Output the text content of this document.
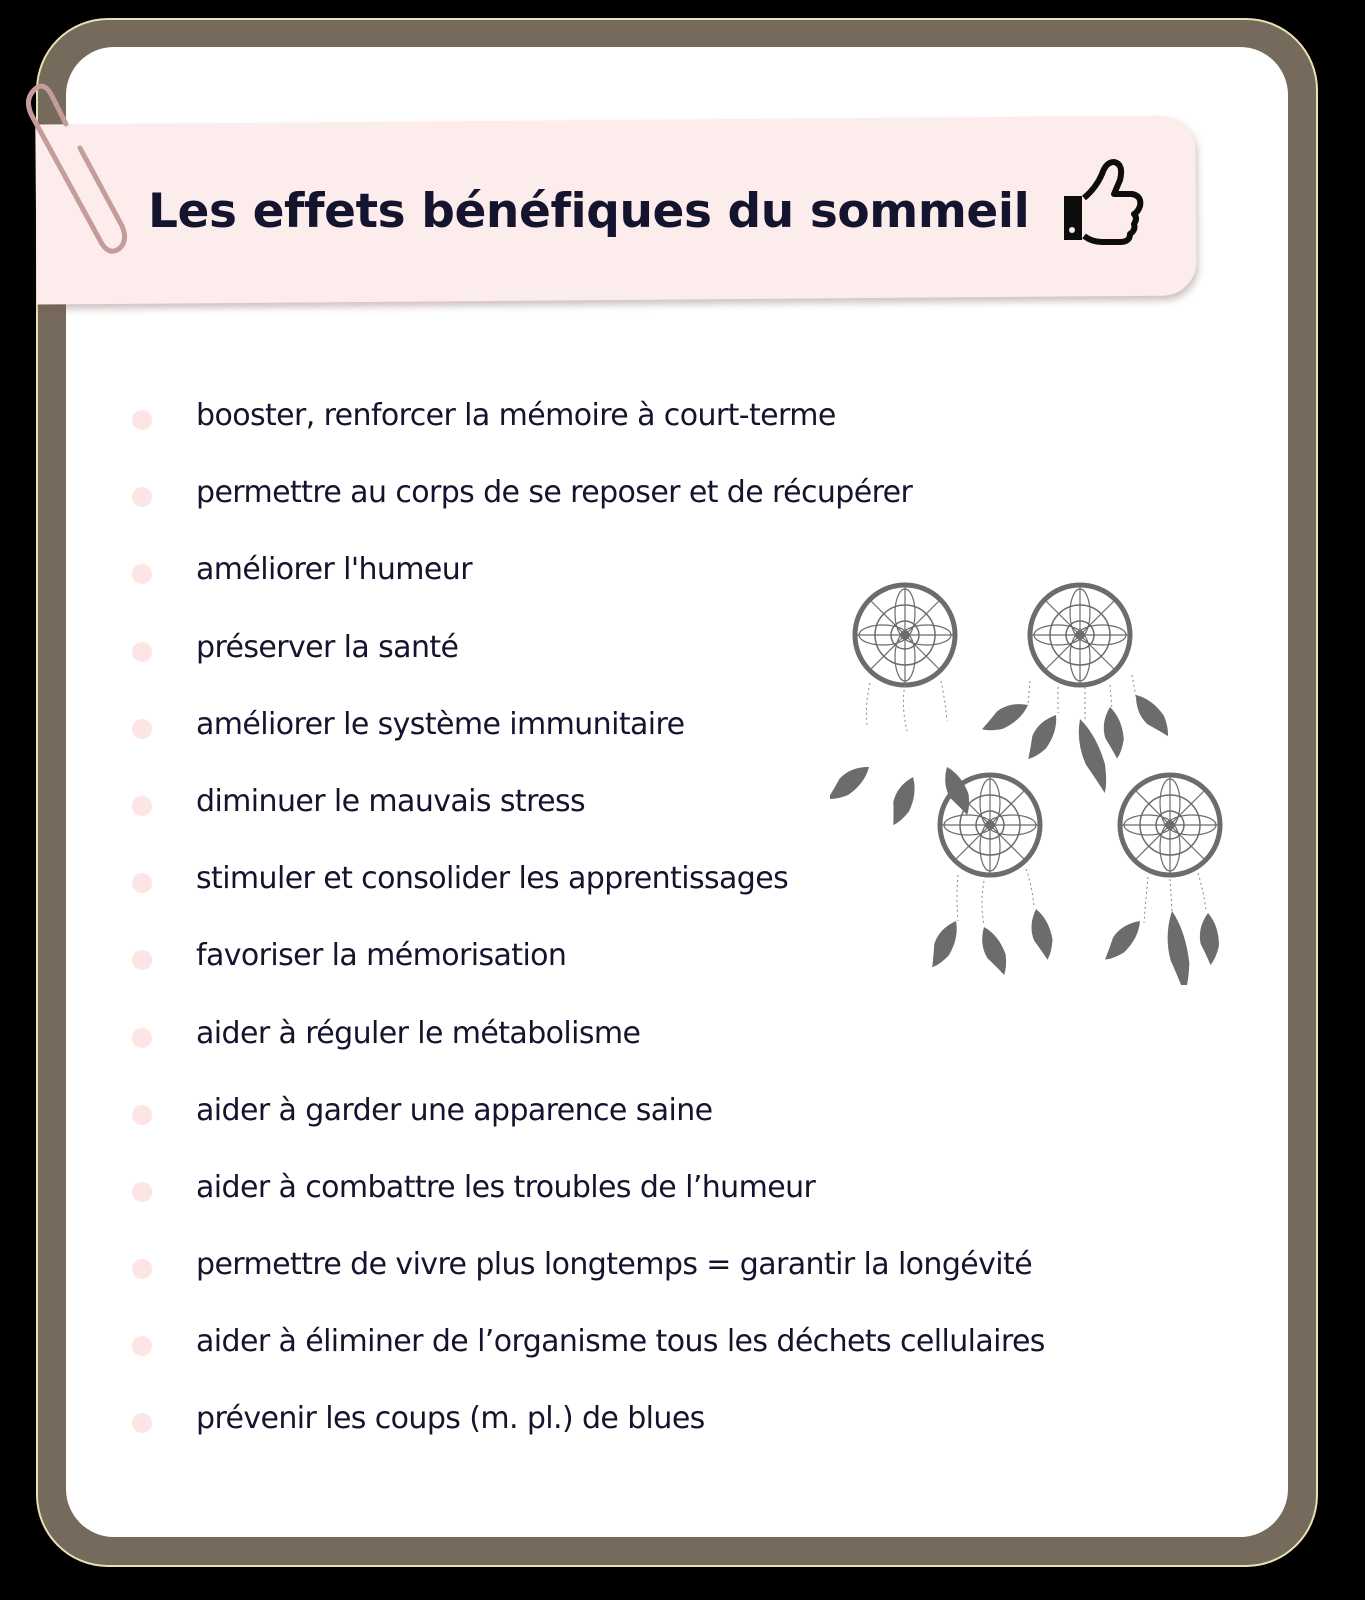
Les effets bénéfiques du sommeil
booster, renforcer la mémoire à court-terme
permettre au corps de se reposer et de récupérer
améliorer l'humeur
préserver la santé
améliorer le système immunitaire
diminuer le mauvais stress
stimuler et consolider les apprentissages
favoriser la mémorisation
aider à réguler le métabolisme
aider à garder une apparence saine
aider à combattre les troubles de l’humeur
permettre de vivre plus longtemps = garantir la longévité
aider à éliminer de l’organisme tous les déchets cellulaires
prévenir les coups (m. pl.) de blues
